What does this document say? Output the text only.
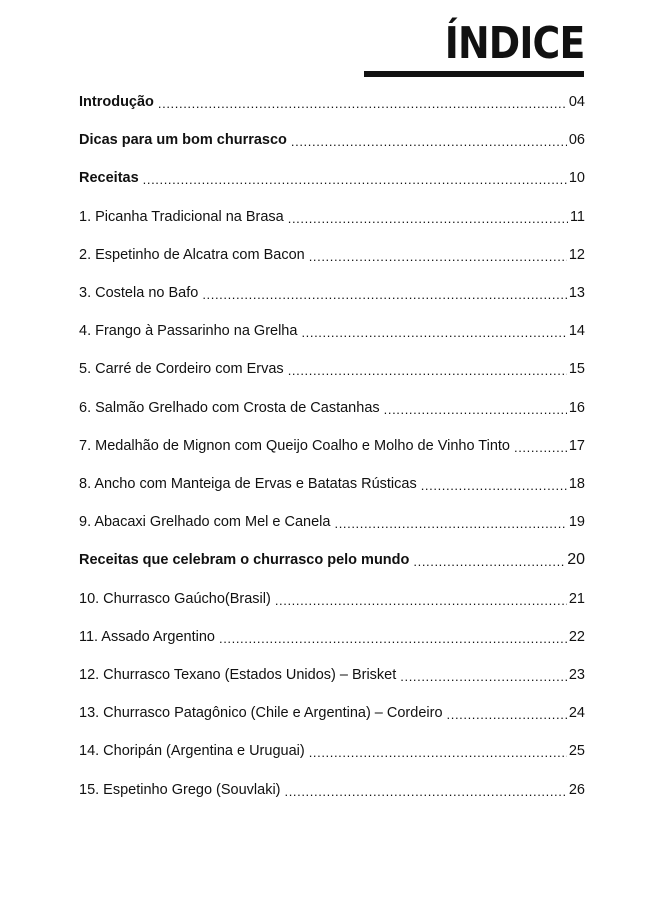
ÍNDICE
Introdução .....	04
Dicas para um bom churrasco .....	06
Receitas .....	10
1. Picanha Tradicional na Brasa .....	11
2. Espetinho de Alcatra com Bacon .....	12
3. Costela no Bafo .....	13
4. Frango à Passarinho na Grelha .....	14
5. Carré de Cordeiro com Ervas .....	15
6. Salmão Grelhado com Crosta de Castanhas .....	16
7. Medalhão de Mignon com Queijo Coalho e Molho de Vinho Tinto .....	17
8. Ancho com Manteiga de Ervas e Batatas Rústicas .....	18
9. Abacaxi Grelhado com Mel e Canela .....	19
Receitas que celebram o churrasco pelo mundo .....	20
10. Churrasco Gaúcho(Brasil) .....	21
11. Assado Argentino .....	22
12. Churrasco Texano (Estados Unidos) – Brisket .....	23
13. Churrasco Patagônico (Chile e Argentina) – Cordeiro .....	24
14. Choripán (Argentina e Uruguai) .....	25
15. Espetinho Grego (Souvlaki) .....	26
